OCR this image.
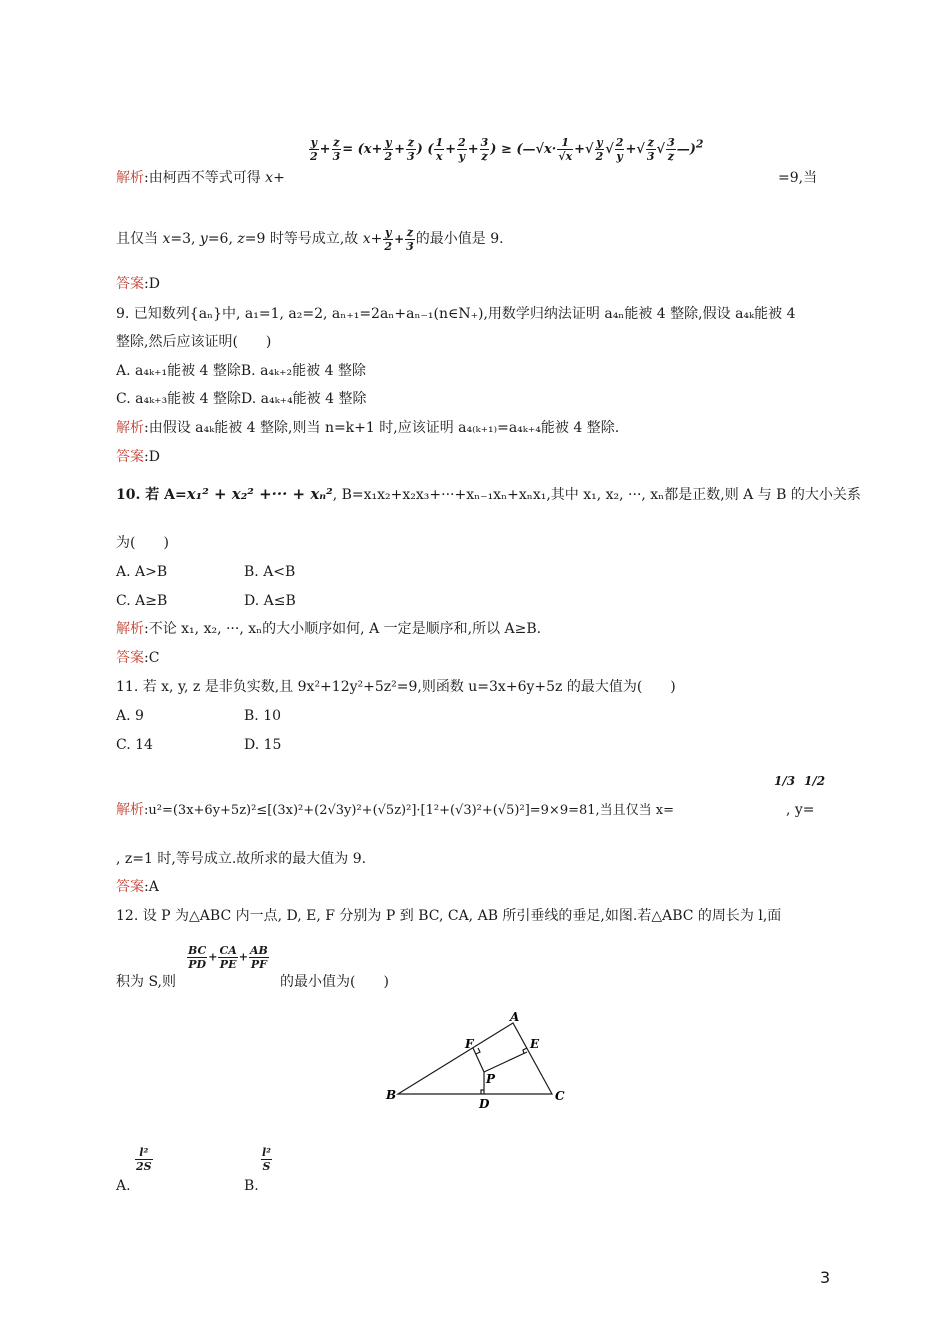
$\frac{y}{2} + \frac{z}{3} = (x+ \frac{y}{2} + \frac{z}{3}$ ) ( $\frac{1}{x} + \frac{2}{y} + \frac{3}{z}$ ) ≥ (—√x· $\frac{1}{√x}$ +√ $\frac{y}{2}$ √ $\frac{2}{y}$ +√ $\frac{z}{3}$ √ $\frac{3}{z}$ —)$^2$
解析:由柯西不等式可得 x+	=9,当
且仅当 x=3, y=6, z=9 时等号成立,故 $x+ \frac{y}{2} + \frac{z}{3}$ 的最小值是 9.
答案:D
9. 已知数列{aₙ}中, a₁=1, a₂=2, aₙ₊₁=2aₙ+aₙ₋₁(n∈N₊),用数学归纳法证明 a₄ₙ能被 4 整除,假设 a₄ₖ能被 4
整除,然后应该证明(　　)
A. a₄ₖ₊₁能被 4 整除B. a₄ₖ₊₂能被 4 整除
C. a₄ₖ₊₃能被 4 整除D. a₄ₖ₊₄能被 4 整除
解析:由假设 a₄ₖ能被 4 整除,则当 n=k+1 时,应该证明 a₄₍ₖ₊₁₎=a₄ₖ₊₄能被 4 整除.
答案:D
10. 若 A=x₁² + x₂² +··· + xₙ², B=x₁x₂+x₂x₃+···+xₙ₋₁xₙ+xₙx₁,其中 x₁, x₂, ···, xₙ都是正数,则 A 与 B 的大小关系
为(　　)
A. A>B	B. A<B
C. A≥B	D. A≤B
解析:不论 x₁, x₂, ···, xₙ的大小顺序如何, A 一定是顺序和,所以 A≥B.
答案:C
11. 若 x, y, z 是非负实数,且 9x²+12y²+5z²=9,则函数 u=3x+6y+5z 的最大值为(　　)
A. 9	B. 10
C. 14	D. 15
解析:u²=(3x+6y+5z)²≤[(3x)²+(2√3y)²+(√5z)²]·[1²+(√3)²+(√5)²]=9×9=81,当且仅当 x=
1/3
, y=
1/2
, z=1 时,等号成立.故所求的最大值为 9.
答案:A
12. 设 P 为△ABC 内一点, D, E, F 分别为 P 到 BC, CA, AB 所引垂线的垂足,如图.若△ABC 的周长为 l,面
积为 S,则
$\frac{BC}{PD} + \frac{CA}{PE} + \frac{AB}{PF}$
的最小值为(　　)
A
E
F
P
B
D
C
$\frac{\text{l²}}{2S}$
A.
$\frac{\text{l²}}{S}$
B.
3
